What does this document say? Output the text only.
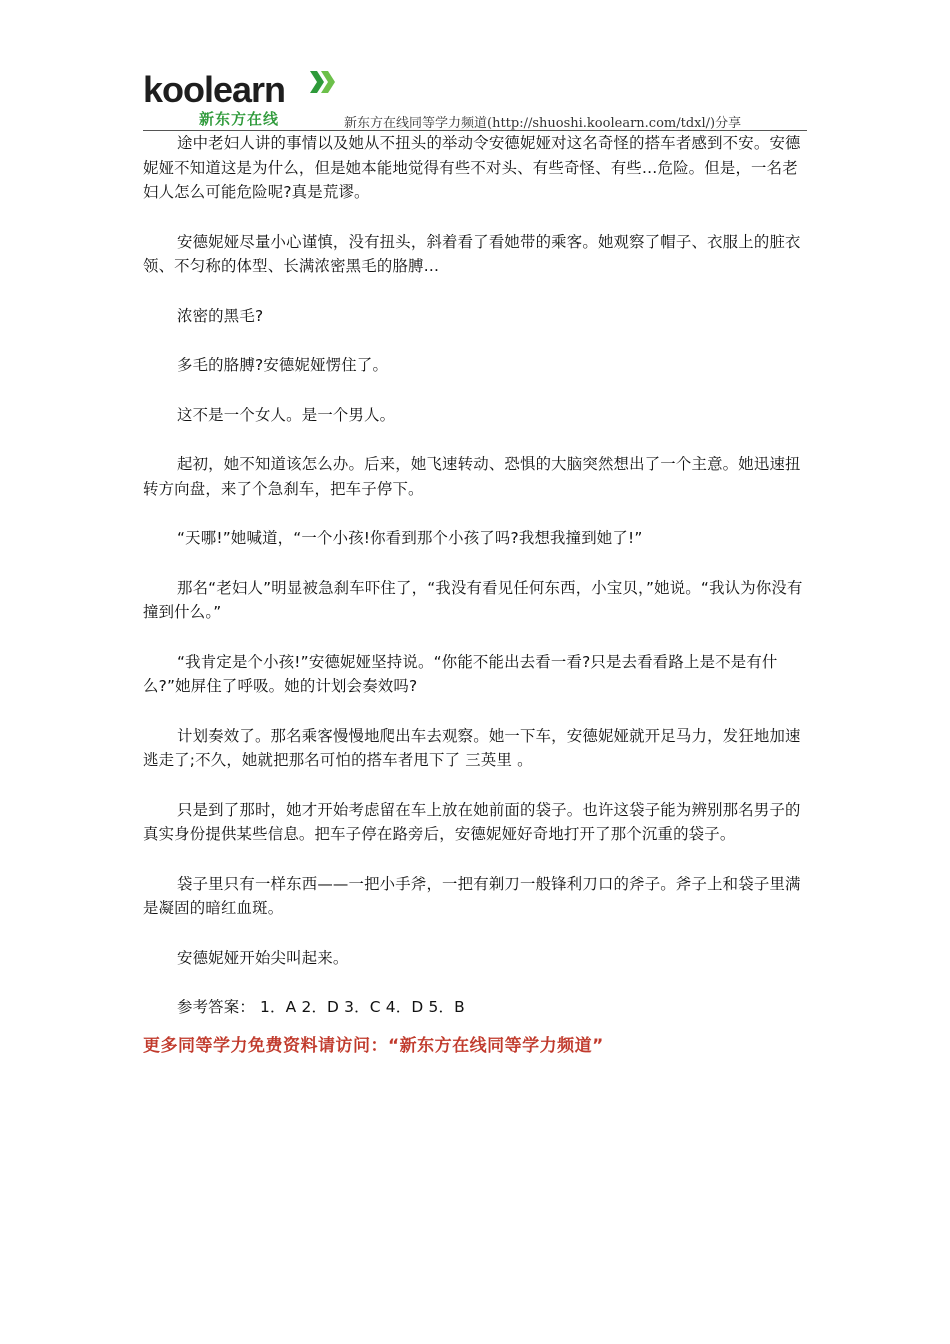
koolearn
新东方在线	新东方在线同等学力频道(http://shuoshi.koolearn.com/tdxl/)分享

途中老妇人讲的事情以及她从不扭头的举动令安德妮娅对这名奇怪的搭车者感到不安。安德妮娅不知道这是为什么，但是她本能地觉得有些不对头、有些奇怪、有些…危险。但是，一名老妇人怎么可能危险呢?真是荒谬。

安德妮娅尽量小心谨慎，没有扭头，斜着看了看她带的乘客。她观察了帽子、衣服上的脏衣领、不匀称的体型、长满浓密黑毛的胳膊…

浓密的黑毛?

多毛的胳膊?安德妮娅愣住了。

这不是一个女人。是一个男人。

起初，她不知道该怎么办。后来，她飞速转动、恐惧的大脑突然想出了一个主意。她迅速扭转方向盘，来了个急刹车，把车子停下。

“天哪!”她喊道，“一个小孩!你看到那个小孩了吗?我想我撞到她了!”

那名“老妇人”明显被急刹车吓住了，“我没有看见任何东西，小宝贝，”她说。“我认为你没有撞到什么。”

“我肯定是个小孩!”安德妮娅坚持说。“你能不能出去看一看?只是去看看路上是不是有什么?”她屏住了呼吸。她的计划会奏效吗?

计划奏效了。那名乘客慢慢地爬出车去观察。她一下车，安德妮娅就开足马力，发狂地加速逃走了;不久，她就把那名可怕的搭车者甩下了 三英里 。

只是到了那时，她才开始考虑留在车上放在她前面的袋子。也许这袋子能为辨别那名男子的真实身份提供某些信息。把车子停在路旁后，安德妮娅好奇地打开了那个沉重的袋子。

袋子里只有一样东西——一把小手斧，一把有剃刀一般锋利刀口的斧子。斧子上和袋子里满是凝固的暗红血斑。

安德妮娅开始尖叫起来。

参考答案： 1．A 2．D 3．C 4．D 5．B

更多同等学力免费资料请访问：“新东方在线同等学力频道”
